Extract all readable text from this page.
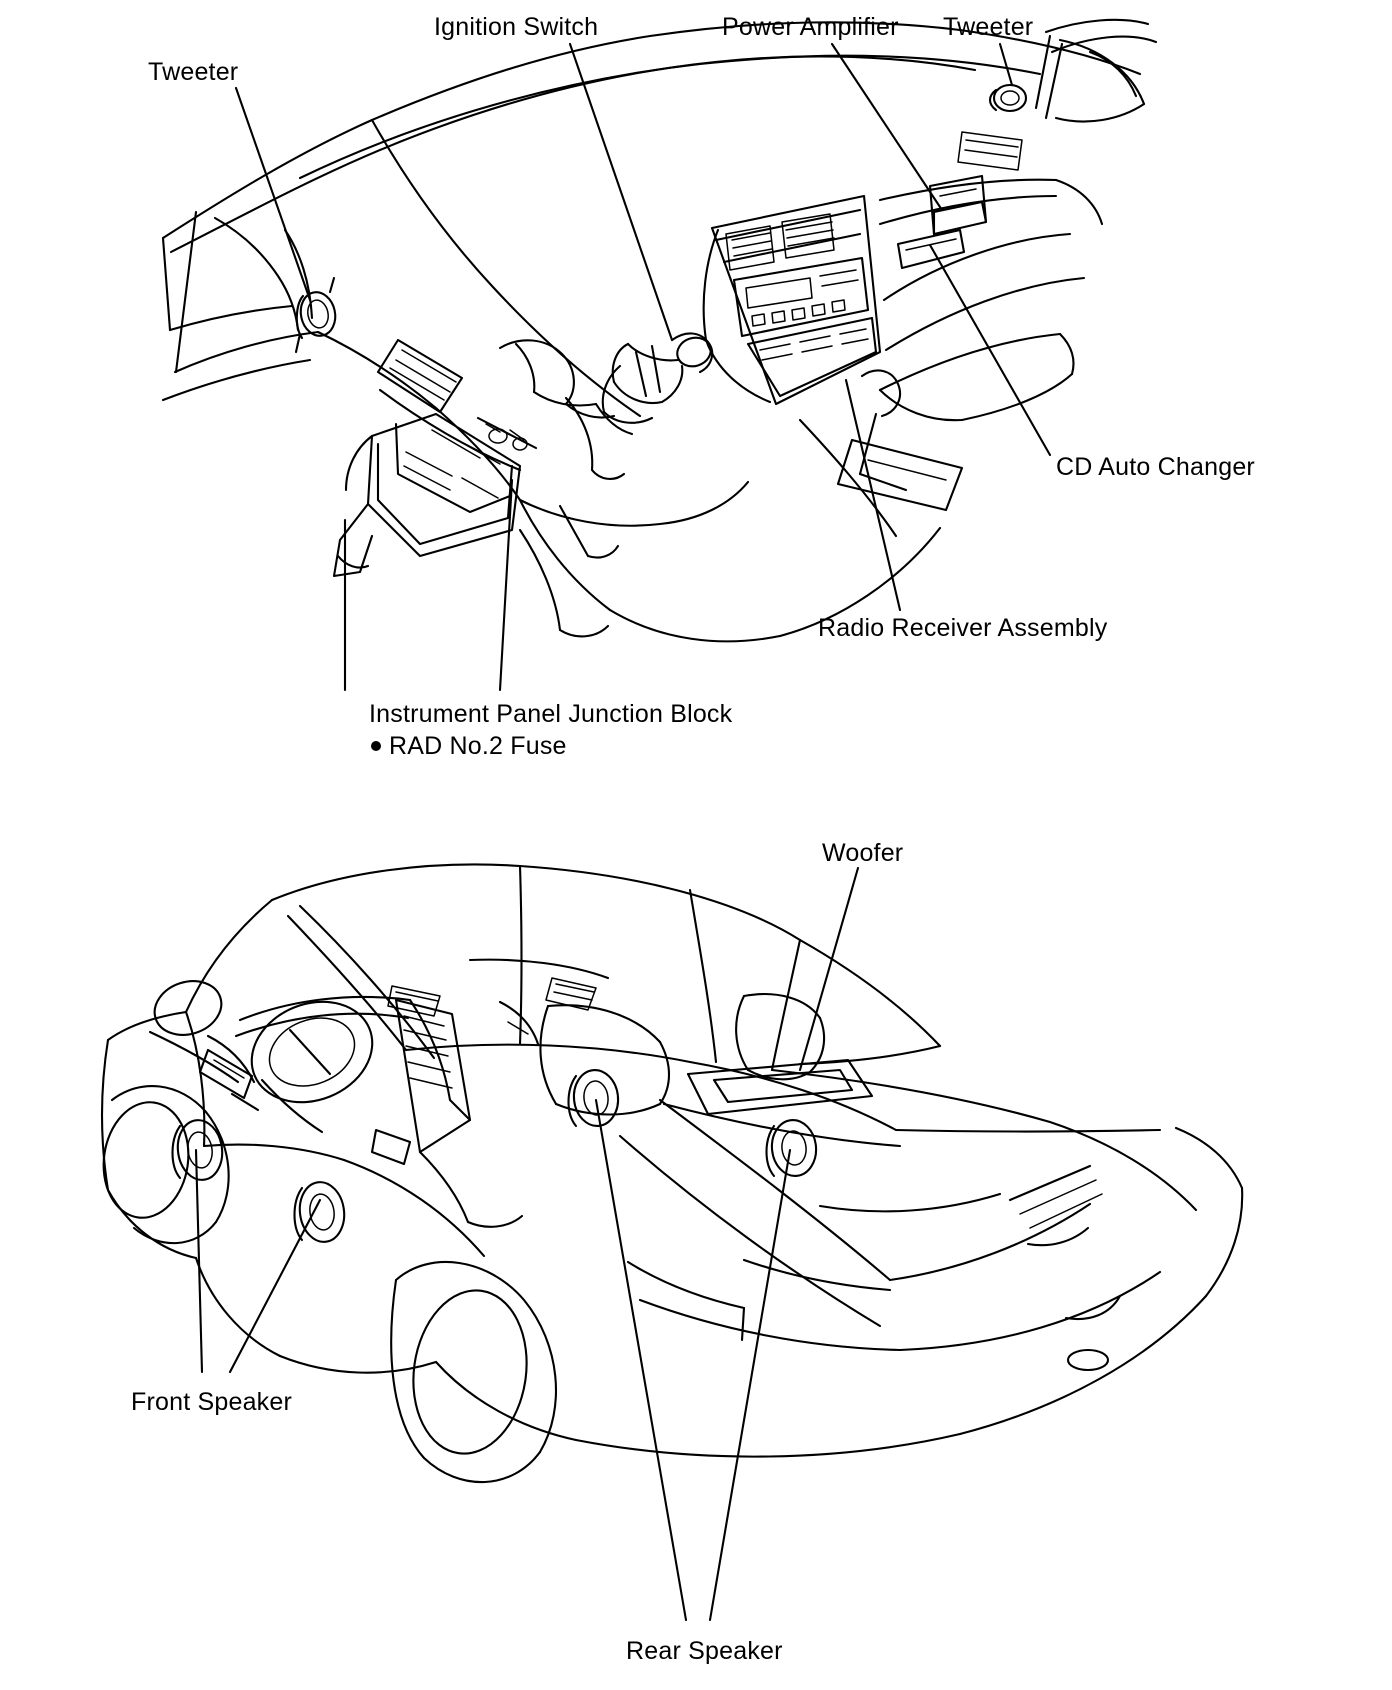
Tweeter
Ignition Switch	Power Amplifier Tweeter
CD Auto Changer
Radio Receiver Assembly
Instrument Panel Junction Block
RAD No.2 Fuse
Woofer
Front Speaker
Rear Speaker
